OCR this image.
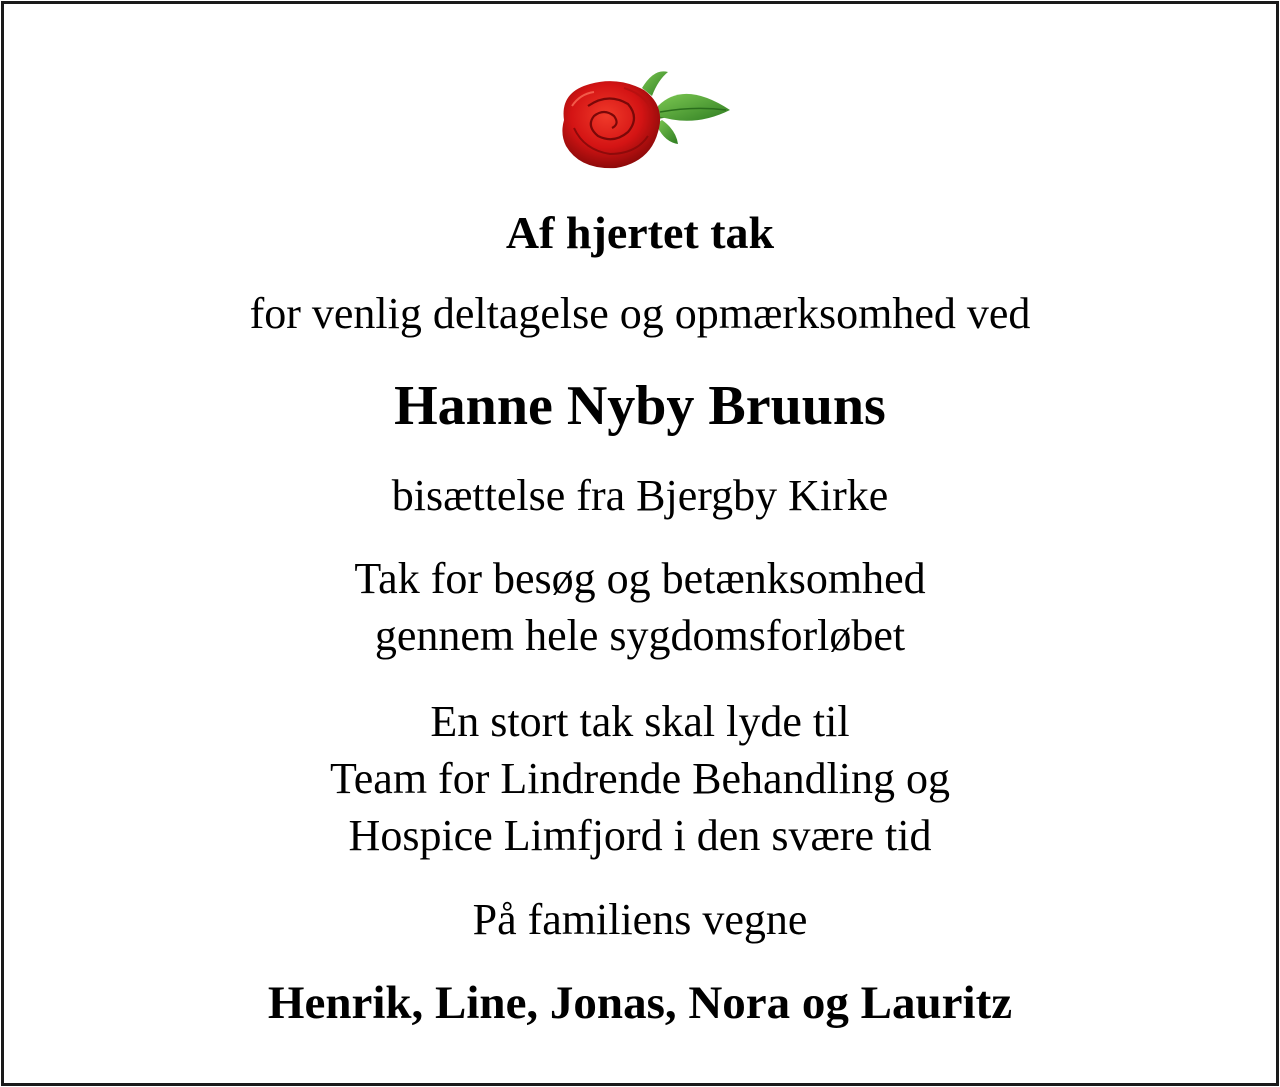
Af hjertet tak
for venlig deltagelse og opmærksomhed ved
Hanne Nyby Bruuns
bisættelse fra Bjergby Kirke
Tak for besøg og betænksomhed
gennem hele sygdomsforløbet
En stort tak skal lyde til
Team for Lindrende Behandling og
Hospice Limfjord i den svære tid
På familiens vegne
Henrik, Line, Jonas, Nora og Lauritz
